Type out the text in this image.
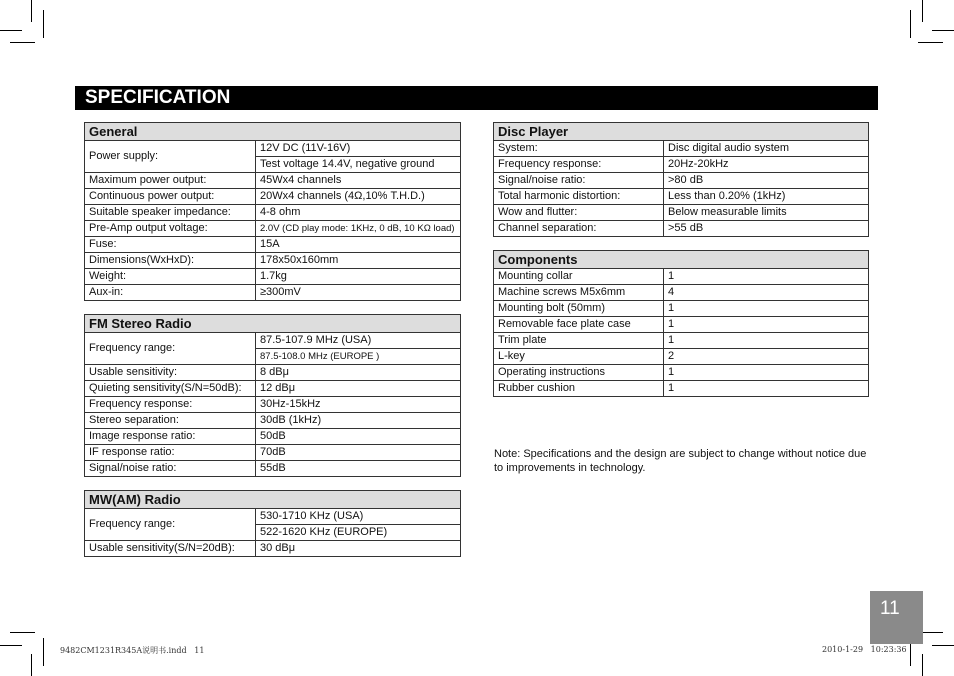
SPECIFICATION
General	
Power supply:	12V DC (11V-16V)
	Test voltage 14.4V, negative ground
Maximum power output:	45Wx4 channels
Continuous power output:	20Wx4 channels (4Ω,10% T.H.D.)
Suitable speaker impedance:	4-8 ohm
Pre-Amp output voltage:	2.0V (CD play mode: 1KHz, 0 dB, 10 KΩ load)
Fuse:	15A
Dimensions(WxHxD):	178x50x160mm
Weight:	1.7kg
Aux-in:	≥300mV
FM Stereo Radio	
Frequency range:	87.5-107.9 MHz (USA)
	87.5-108.0 MHz (EUROPE )
Usable sensitivity:	8 dBμ
Quieting sensitivity(S/N=50dB):	12 dBμ
Frequency response:	30Hz-15kHz
Stereo separation:	30dB (1kHz)
Image response ratio:	50dB
IF response ratio:	70dB
Signal/noise ratio:	55dB
MW(AM) Radio	
Frequency range:	530-1710 KHz (USA)
	522-1620 KHz (EUROPE)
Usable sensitivity(S/N=20dB):	30 dBμ
Disc Player	
System:	Disc digital audio system
Frequency response:	20Hz-20kHz
Signal/noise ratio:	>80 dB
Total harmonic distortion:	Less than 0.20% (1kHz)
Wow and flutter:	Below measurable limits
Channel separation:	>55 dB
Components	
Mounting collar	1
Machine screws M5x6mm	4
Mounting bolt (50mm)	1
Removable face plate case	1
Trim plate	1
L-key	2
Operating instructions	1
Rubber cushion	1
Note: Specifications and the design are subject to change without notice due to improvements in technology.
11
9482CM1231R345A说明书.indd   11	2010-1-29   10:23:36
